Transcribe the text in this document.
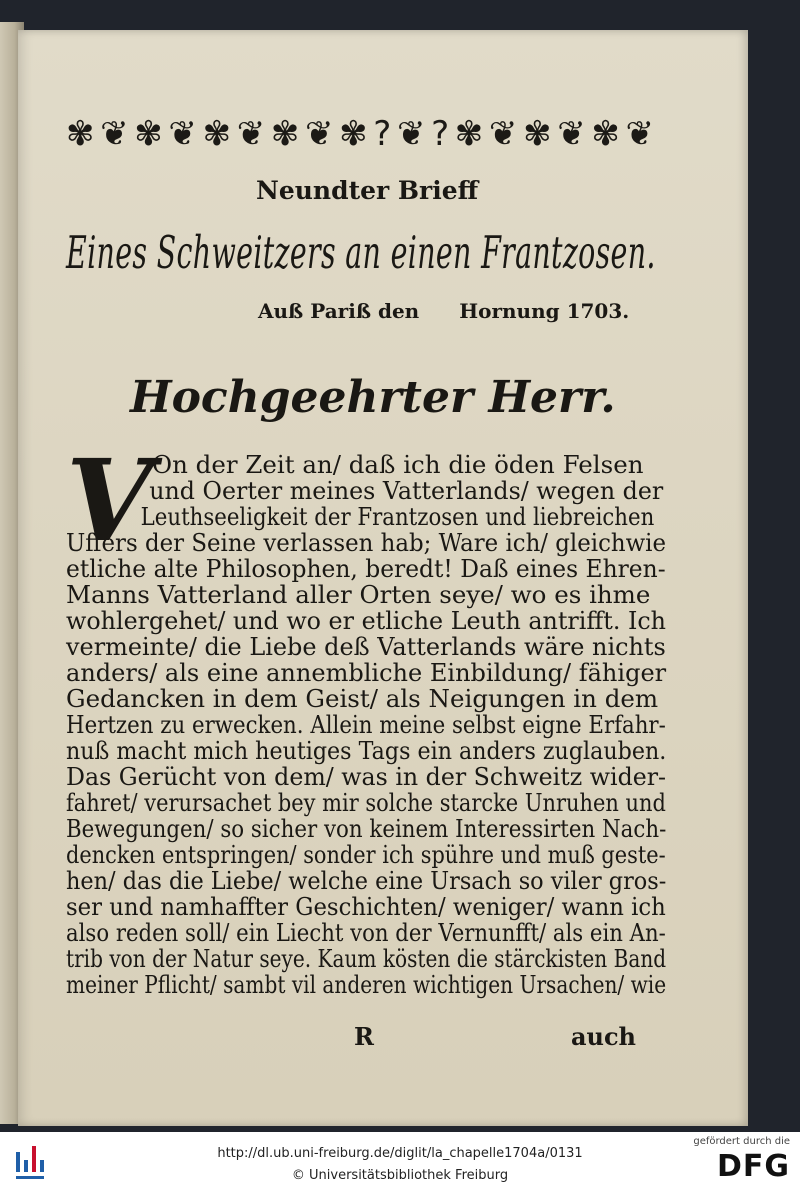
✾ ❦ ✾ ❦ ✾ ❦ ✾ ❦ ✾ ? ❦ ? ✾ ❦ ✾ ❦ ✾ ❦
Neundter Brieff
Eines Schweitzers an einen Frantzosen.
Auß Pariß den Hornung 1703.
Hochgeehrter Herr.
V On der Zeit an/ daß ich die öden Felsen
und Oerter meines Vatterlands/ wegen der
Leuthseeligkeit der Frantzosen und liebreichen
Uffers der Seine verlassen hab; Ware ich/ gleichwie
etliche alte Philosophen, beredt! Daß eines Ehren-
Manns Vatterland aller Orten seye/ wo es ihme
wohlergehet/ und wo er etliche Leuth antrifft. Ich
vermeinte/ die Liebe deß Vatterlands wäre nichts
anders/ als eine annembliche Einbildung/ fähiger
Gedancken in dem Geist/ als Neigungen in dem
Hertzen zu erwecken. Allein meine selbst eigne Erfahr-
nuß macht mich heutiges Tags ein anders zuglauben.
Das Gerücht von dem/ was in der Schweitz wider-
fahret/ verursachet bey mir solche starcke Unruhen und
Bewegungen/ so sicher von keinem Interessirten Nach-
dencken entspringen/ sonder ich spühre und muß geste-
hen/ das die Liebe/ welche eine Ursach so viler gros-
ser und namhaffter Geschichten/ weniger/ wann ich
also reden soll/ ein Liecht von der Vernunfft/ als ein An-
trib von der Natur seye. Kaum kösten die stärckisten Band
meiner Pflicht/ sambt vil anderen wichtigen Ursachen/ wie
R	auch
http://dl.ub.uni-freiburg.de/diglit/la_chapelle1704a/0131
© Universitätsbibliothek Freiburg
gefördert durch die
DFG
